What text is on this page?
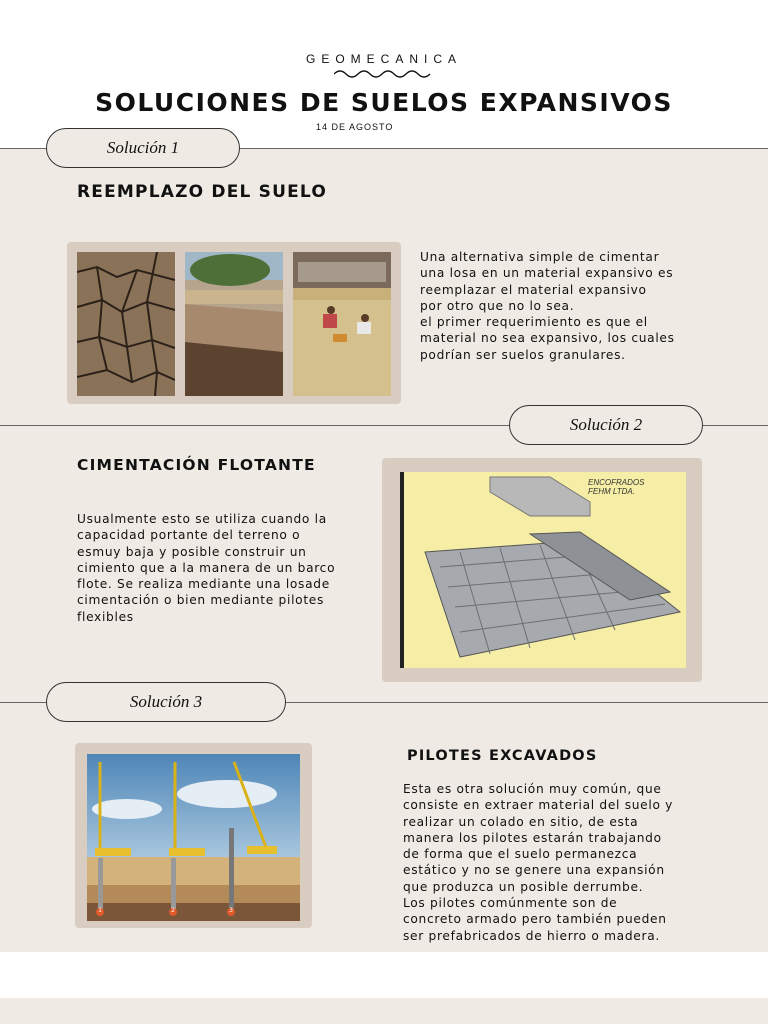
GEOMECANICA
SOLUCIONES DE SUELOS EXPANSIVOS
14 DE AGOSTO
Solución 1
REEMPLAZO DEL SUELO
Una alternativa simple de cimentar
una losa en un material expansivo es
reemplazar el material expansivo
por otro que no lo sea.
el primer requerimiento es que el
material no sea expansivo, los cuales
podrían ser suelos granulares.
Solución 2
CIMENTACIÓN FLOTANTE
Usualmente esto se utiliza cuando la
capacidad portante del terreno o
esmuy baja y posible construir un
cimiento que a la manera de un barco
flote. Se realiza mediante una losade
cimentación o bien mediante pilotes
flexibles
ENCOFRADOS
FEHM LTDA.
Solución 3
1	2	3
PILOTES EXCAVADOS
Esta es otra solución muy común, que
consiste en extraer material del suelo y
realizar un colado en sitio, de esta
manera los pilotes estarán trabajando
de forma que el suelo permanezca
estático y no se genere una expansión
que produzca un posible derrumbe.
Los pilotes comúnmente son de
concreto armado pero también pueden
ser prefabricados de hierro o madera.
